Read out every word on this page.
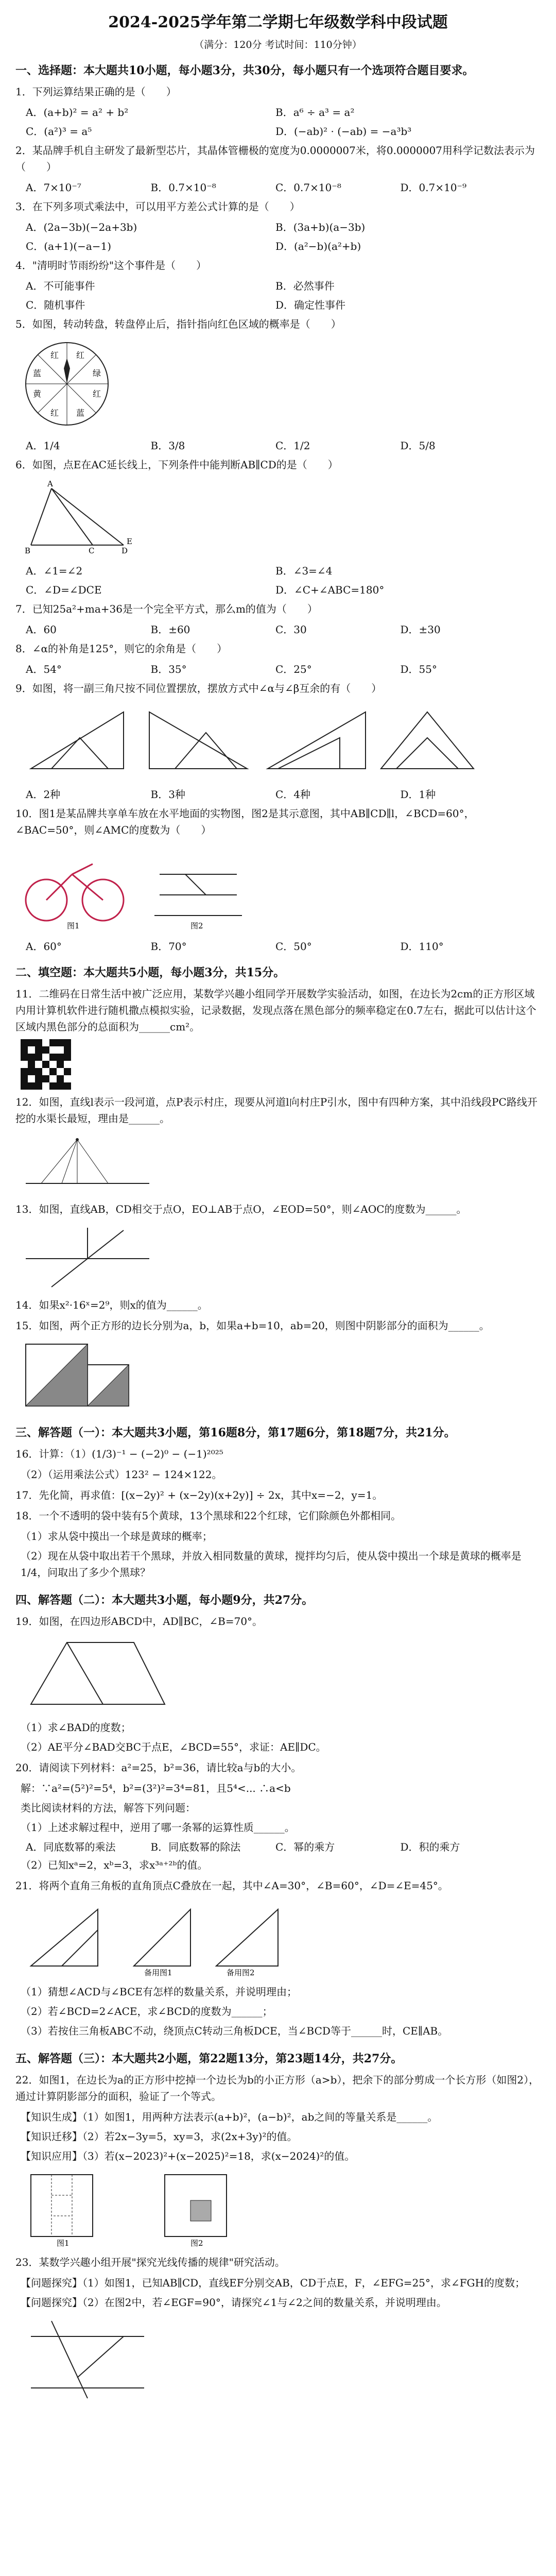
2024-2025学年第二学期七年级数学科中段试题
（满分：120分 考试时间：110分钟）
一、选择题：本大题共10小题，每小题3分，共30分，每小题只有一个选项符合题目要求。
1．下列运算结果正确的是（　　）
A．(a+b)² = a² + b²	B．a⁶ ÷ a³ = a²
C．(a²)³ = a⁵	D．(−ab)² · (−ab) = −a³b³
2．某品牌手机自主研发了最新型芯片，其晶体管栅极的宽度为0.0000007米，将0.0000007用科学记数法表示为（　　）
A．7×10⁻⁷	B．0.7×10⁻⁸	C．0.7×10⁻⁸	D．0.7×10⁻⁹
3．在下列多项式乘法中，可以用平方差公式计算的是（　　）
A．(2a−3b)(−2a+3b)	B．(3a+b)(a−3b)
C．(a+1)(−a−1)	D．(a²−b)(a²+b)
4．"清明时节雨纷纷"这个事件是（　　）
A．不可能事件	B．必然事件
C．随机事件	D．确定性事件
5．如图，转动转盘，转盘停止后，指针指向红色区域的概率是（　　）
红
绿
红
蓝
红
黄
蓝
红
A．1/4	B．3/8	C．1/2	D．5/8
6．如图，点E在AC延长线上，下列条件中能判断AB∥CD的是（　　）
A
B	C	D
E
A．∠1=∠2	B．∠3=∠4
C．∠D=∠DCE	D．∠C+∠ABC=180°
7．已知25a²+ma+36是一个完全平方式，那么m的值为（　　）
A．60	B．±60	C．30	D．±30
8．∠α的补角是125°，则它的余角是（　　）
A．54°	B．35°	C．25°	D．55°
9．如图，将一副三角尺按不同位置摆放，摆放方式中∠α与∠β互余的有（　　）
A．2种	B．3种	C．4种	D．1种
10．图1是某品牌共享单车放在水平地面的实物图，图2是其示意图，其中AB∥CD∥l，∠BCD=60°，∠BAC=50°，则∠AMC的度数为（　　）
图1	图2
A．60°	B．70°	C．50°	D．110°
二、填空题：本大题共5小题，每小题3分，共15分。
11．二维码在日常生活中被广泛应用，某数学兴趣小组同学开展数学实验活动，如图，在边长为2cm的正方形区域内用计算机软件进行随机撒点模拟实验，记录数据，发现点落在黑色部分的频率稳定在0.7左右，据此可以估计这个区域内黑色部分的总面积为______cm²。
12．如图，直线l表示一段河道，点P表示村庄，现要从河道l向村庄P引水，图中有四种方案，其中沿线段PC路线开挖的水渠长最短，理由是______。
13．如图，直线AB，CD相交于点O，EO⊥AB于点O，∠EOD=50°，则∠AOC的度数为______。
14．如果x²·16ˣ=2⁹，则x的值为______。
15．如图，两个正方形的边长分别为a，b，如果a+b=10，ab=20，则图中阴影部分的面积为______。
三、解答题（一）：本大题共3小题，第16题8分，第17题6分，第18题7分，共21分。
16．计算：（1）(1/3)⁻¹ − (−2)⁰ − (−1)²⁰²⁵
（2）（运用乘法公式）123² − 124×122。
17．先化简，再求值：[(x−2y)² + (x−2y)(x+2y)] ÷ 2x，其中x=−2，y=1。
18．一个不透明的袋中装有5个黄球，13个黑球和22个红球，它们除颜色外都相同。
（1）求从袋中摸出一个球是黄球的概率；
（2）现在从袋中取出若干个黑球，并放入相同数量的黄球，搅拌均匀后，使从袋中摸出一个球是黄球的概率是1/4，问取出了多少个黑球？
四、解答题（二）：本大题共3小题，每小题9分，共27分。
19．如图，在四边形ABCD中，AD∥BC，∠B=70°。
（1）求∠BAD的度数；
（2）AE平分∠BAD交BC于点E，∠BCD=55°，求证：AE∥DC。
20．请阅读下列材料：a²=25，b²=36，请比较a与b的大小。
解：∵a²=(5²)²=5⁴，b²=(3²)²=3⁴=81，且5⁴<... ∴a<b
类比阅读材料的方法，解答下列问题：
（1）上述求解过程中，逆用了哪一条幂的运算性质______。
A．同底数幂的乘法	B．同底数幂的除法	C．幂的乘方	D．积的乘方
（2）已知xᵃ=2，xᵇ=3，求x³ᵃ⁺²ᵇ的值。
21．将两个直角三角板的直角顶点C叠放在一起，其中∠A=30°，∠B=60°，∠D=∠E=45°。
备用图1	备用图2
（1）猜想∠ACD与∠BCE有怎样的数量关系，并说明理由；
（2）若∠BCD=2∠ACE，求∠BCD的度数为______；
（3）若按住三角板ABC不动，绕顶点C转动三角板DCE，当∠BCD等于______时，CE∥AB。
五、解答题（三）：本大题共2小题，第22题13分，第23题14分，共27分。
22．如图1，在边长为a的正方形中挖掉一个边长为b的小正方形（a>b），把余下的部分剪成一个长方形（如图2），通过计算阴影部分的面积，验证了一个等式。
【知识生成】（1）如图1，用两种方法表示(a+b)²，(a−b)²，ab之间的等量关系是______。
【知识迁移】（2）若2x−3y=5，xy=3，求(2x+3y)²的值。
【知识应用】（3）若(x−2023)²+(x−2025)²=18，求(x−2024)²的值。
图1	图2
23．某数学兴趣小组开展"探究光线传播的规律"研究活动。
【问题探究】（1）如图1，已知AB∥CD，直线EF分别交AB，CD于点E，F，∠EFG=25°，求∠FGH的度数；
【问题探究】（2）在图2中，若∠EGF=90°，请探究∠1与∠2之间的数量关系，并说明理由。
